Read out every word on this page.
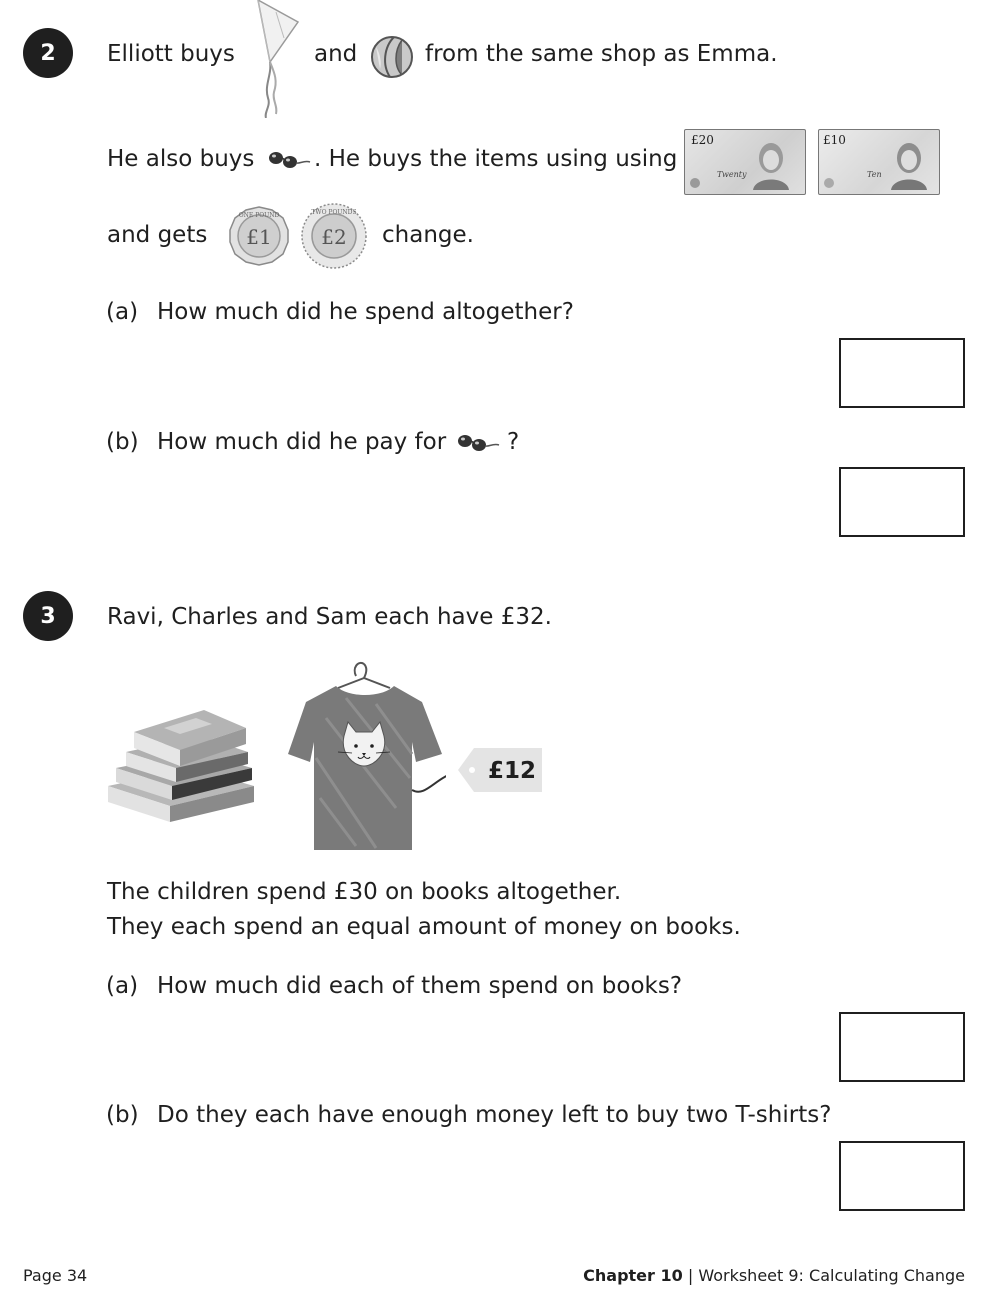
2	Elliott buys	and	from the same shop as Emma.
He also buys	. He buys the items using using
£20
Twenty
£10
Ten
and gets
ONE POUND
£1
TWO POUNDS
£2 change.
(a) How much did he spend altogether?
(b) How much did he pay for	?
3	Ravi, Charles and Sam each have £32.
£12
The children spend £30 on books altogether.
They each spend an equal amount of money on books.
(a) How much did each of them spend on books?
(b) Do they each have enough money left to buy two T-shirts?
Page 34	Chapter 10 | Worksheet 9: Calculating Change
